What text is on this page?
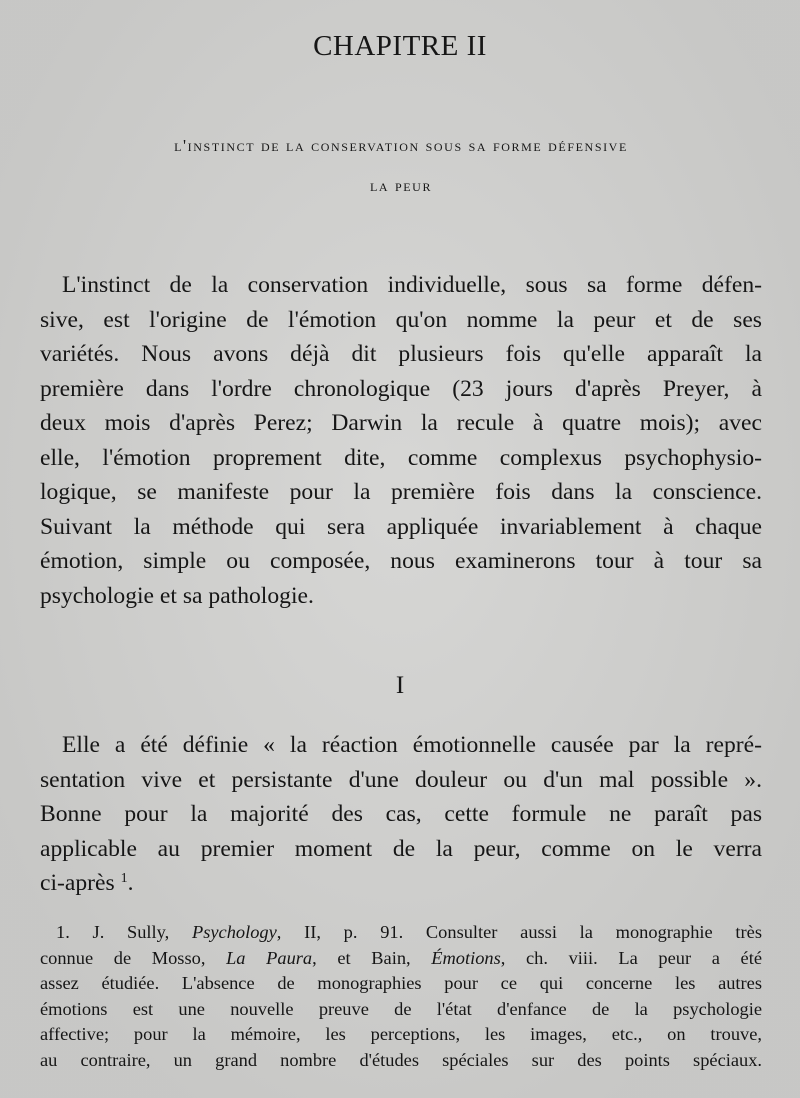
CHAPITRE II
l'instinct de la conservation sous sa forme défensive
la peur
L'instinct de la conservation individuelle, sous sa forme défen-
sive, est l'origine de l'émotion qu'on nomme la peur et de ses
variétés. Nous avons déjà dit plusieurs fois qu'elle apparaît la
première dans l'ordre chronologique (23 jours d'après Preyer, à
deux mois d'après Perez; Darwin la recule à quatre mois); avec
elle, l'émotion proprement dite, comme complexus psychophysio-
logique, se manifeste pour la première fois dans la conscience.
Suivant la méthode qui sera appliquée invariablement à chaque
émotion, simple ou composée, nous examinerons tour à tour sa
psychologie et sa pathologie.
I
Elle a été définie « la réaction émotionnelle causée par la repré-
sentation vive et persistante d'une douleur ou d'un mal possible ».
Bonne pour la majorité des cas, cette formule ne paraît pas
applicable au premier moment de la peur, comme on le verra
ci-après $^1$.
1. J. Sully, Psychology, II, p. 91. Consulter aussi la monographie très
connue de Mosso, La Paura, et Bain, Émotions, ch. viii. La peur a été
assez étudiée. L'absence de monographies pour ce qui concerne les autres
émotions est une nouvelle preuve de l'état d'enfance de la psychologie
affective; pour la mémoire, les perceptions, les images, etc., on trouve,
au contraire, un grand nombre d'études spéciales sur des points spéciaux.
